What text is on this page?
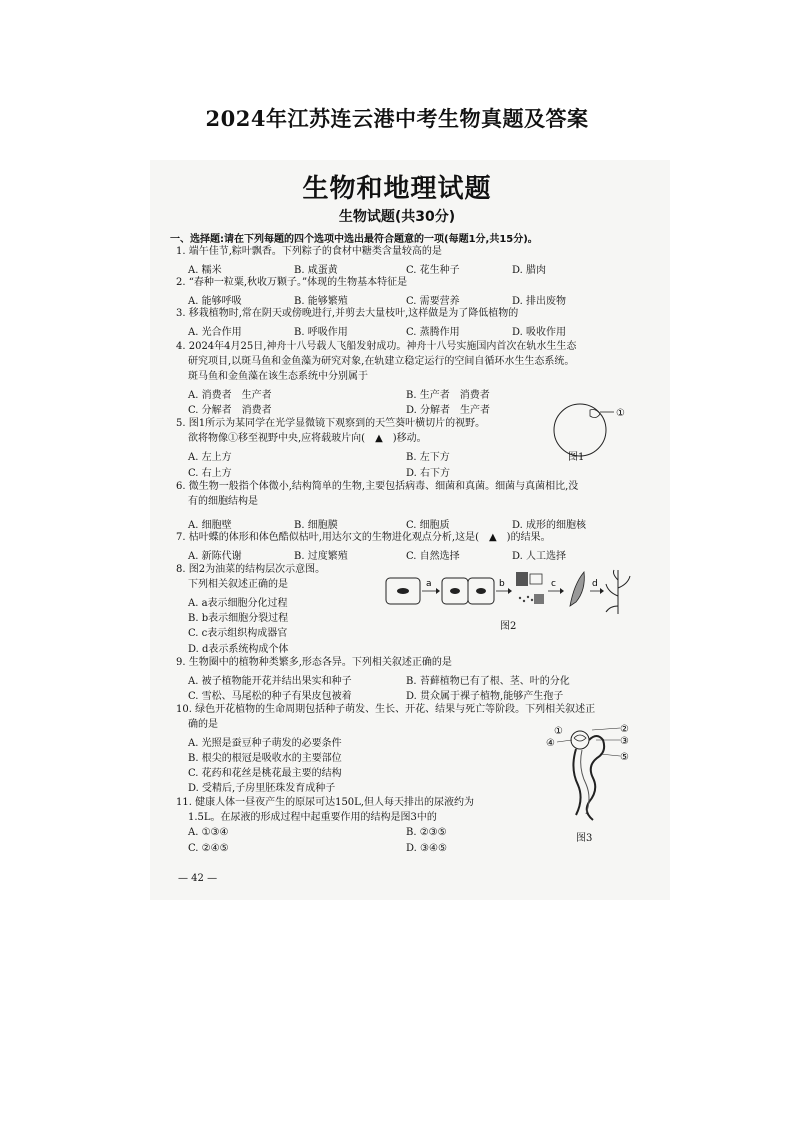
2024年江苏连云港中考生物真题及答案
生物和地理试题
生物试题(共30分)
一、选择题:请在下列每题的四个选项中选出最符合题意的一项(每题1分,共15分)。
1. 端午佳节,粽叶飘香。下列粽子的食材中糖类含量较高的是
A. 糯米	B. 咸蛋黄	C. 花生种子	D. 腊肉
2. “春种一粒粟,秋收万颗子。”体现的生物基本特征是
A. 能够呼吸	B. 能够繁殖	C. 需要营养	D. 排出废物
3. 移栽植物时,常在阴天或傍晚进行,并剪去大量枝叶,这样做是为了降低植物的
A. 光合作用	B. 呼吸作用	C. 蒸腾作用	D. 吸收作用
4. 2024年4月25日,神舟十八号载人飞船发射成功。神舟十八号实施国内首次在轨水生生态
研究项目,以斑马鱼和金鱼藻为研究对象,在轨建立稳定运行的空间自循环水生生态系统。
斑马鱼和金鱼藻在该生态系统中分别属于
A. 消费者　生产者	B. 生产者　消费者
C. 分解者　消费者	D. 分解者　生产者
5. 图1所示为某同学在光学显微镜下观察到的天竺葵叶横切片的视野。
欲将物像①移至视野中央,应将载玻片向(　▲　)移动。
A. 左上方	B. 左下方
C. 右上方	D. 右下方
①
图1
6. 微生物一般指个体微小,结构简单的生物,主要包括病毒、细菌和真菌。细菌与真菌相比,没
有的细胞结构是
A. 细胞壁	B. 细胞膜	C. 细胞质	D. 成形的细胞核
7. 枯叶蝶的体形和体色酷似枯叶,用达尔文的生物进化观点分析,这是(　▲　)的结果。
A. 新陈代谢	B. 过度繁殖	C. 自然选择	D. 人工选择
8. 图2为油菜的结构层次示意图。
下列相关叙述正确的是
A. a表示细胞分化过程
B. b表示细胞分裂过程
C. c表示组织构成器官
D. d表示系统构成个体
a	b	c	d
图2
9. 生物圈中的植物种类繁多,形态各异。下列相关叙述正确的是
A. 被子植物能开花并结出果实和种子	B. 苔藓植物已有了根、茎、叶的分化
C. 雪松、马尾松的种子有果皮包被着	D. 贯众属于裸子植物,能够产生孢子
10. 绿色开花植物的生命周期包括种子萌发、生长、开花、结果与死亡等阶段。下列相关叙述正
确的是
A. 光照是蚕豆种子萌发的必要条件
B. 根尖的根冠是吸收水的主要部位
C. 花药和花丝是桃花最主要的结构
D. 受精后,子房里胚珠发育成种子
④
②
③
⑤
①
图3
11. 健康人体一昼夜产生的原尿可达150L,但人每天排出的尿液约为
1.5L。在尿液的形成过程中起重要作用的结构是图3中的
A. ①③④	B. ②③⑤
C. ②④⑤	D. ③④⑤
— 42 —
